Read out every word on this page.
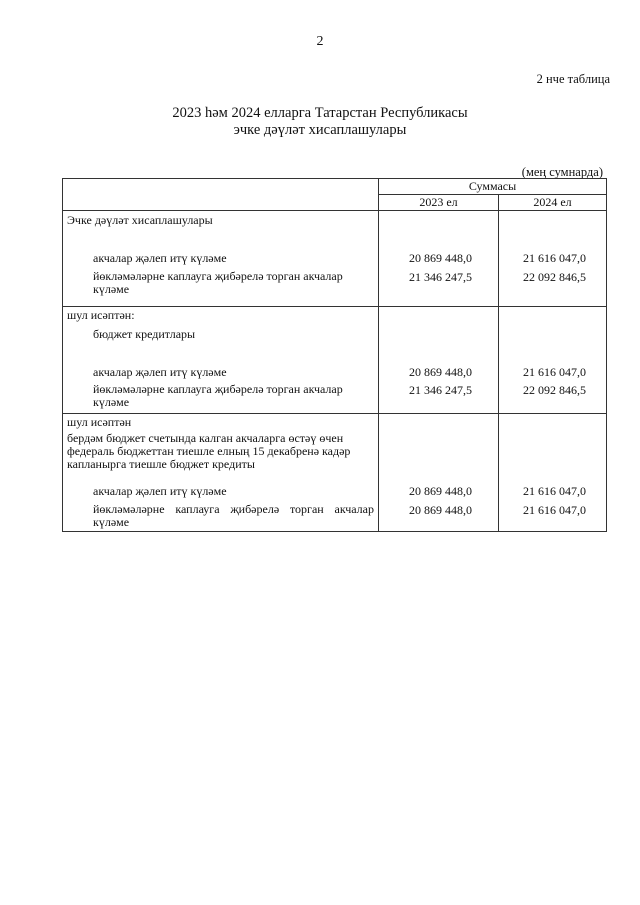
2
2 нче таблица
2023 һәм 2024 елларга Татарстан Республикасы
эчке дәүләт хисаплашулары
(мең сумнарда)
	Суммасы	
	2023 ел	2024 ел
Эчке дәүләт хисаплашулары		
акчалар җәлеп итү күләме	20 869 448,0	21 616 047,0
йөкләмәләрне каплауга җибәрелә торган акчалар күләме	21 346 247,5	22 092 846,5
шул исәптән:		
бюджет кредитлары		
акчалар җәлеп итү күләме	20 869 448,0	21 616 047,0
йөкләмәләрне каплауга җибәрелә торган акчалар күләме	21 346 247,5	22 092 846,5
шул исәптән		
бердәм бюджет счетында калган акчаларга өстәү өчен федераль бюджеттан тиешле елның 15 декабренә кадәр капланырга тиешле бюджет кредиты		
акчалар җәлеп итү күләме	20 869 448,0	21 616 047,0
йөкләмәләрне каплауга җибәрелә торган акчалар күләме	20 869 448,0	21 616 047,0
